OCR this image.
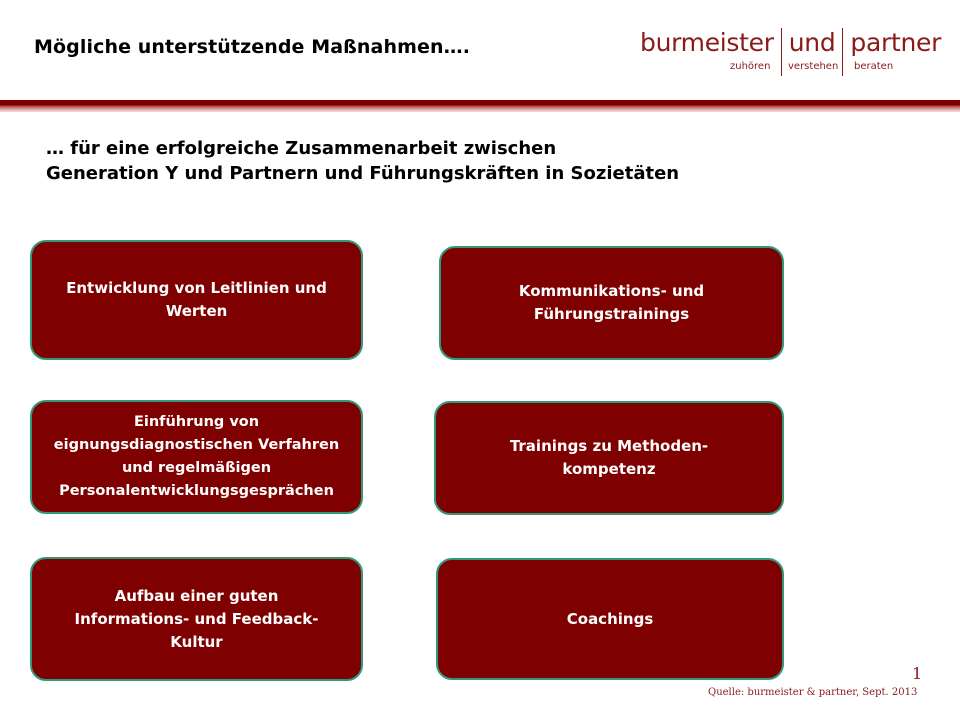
Mögliche unterstützende Maßnahmen….	burmeister und partner
zuhören verstehen beraten
… für eine erfolgreiche Zusammenarbeit zwischen
Generation Y und Partnern und Führungskräften in Sozietäten
Entwicklung von Leitlinien und Werten
Kommunikations- und Führungstrainings
Einführung von eignungsdiagnostischen Verfahren und regelmäßigen Personalentwicklungsgesprächen
Trainings zu Methoden- kompetenz
Aufbau einer guten Informations- und Feedback- Kultur
Coachings
1
Quelle: burmeister & partner, Sept. 2013
